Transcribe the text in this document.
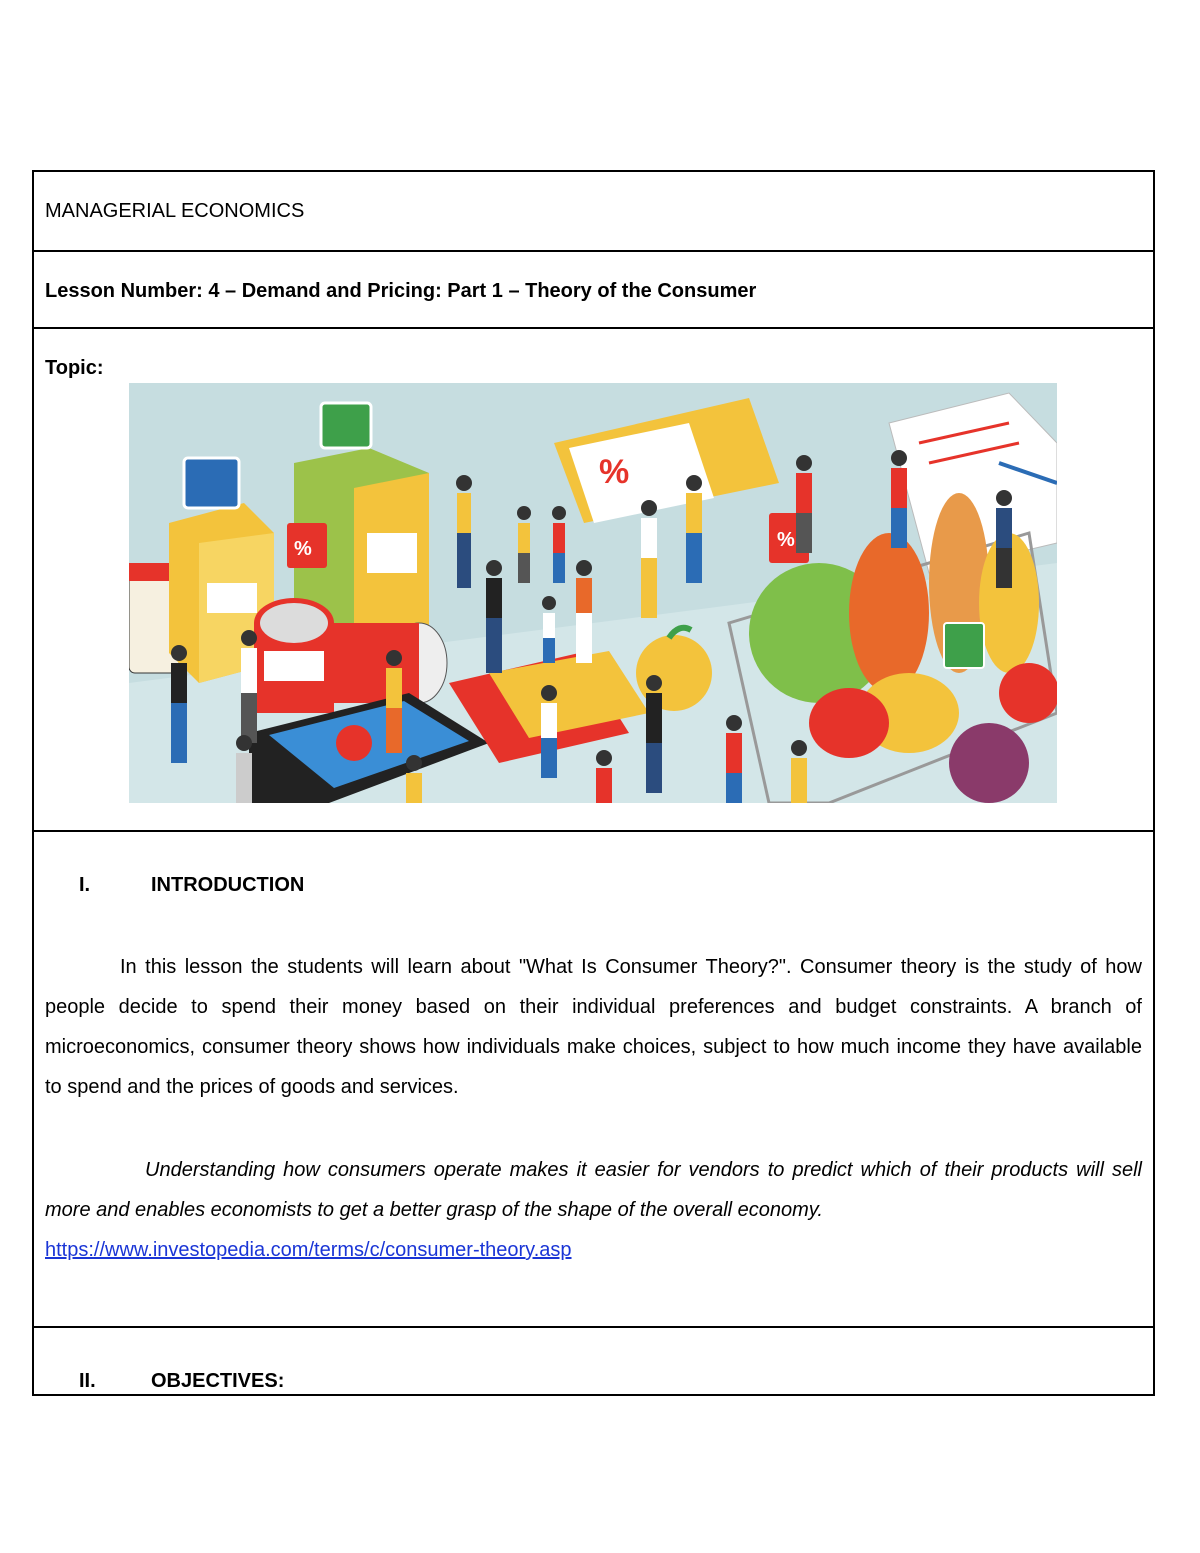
MANAGERIAL ECONOMICS
Lesson Number: 4 – Demand and Pricing: Part 1 – Theory of the Consumer
Topic:
%
%
%
I.	INTRODUCTION
In this lesson the students will learn about "What Is Consumer Theory?". Consumer theory is the study of how people decide to spend their money based on their individual preferences and budget constraints. A branch of microeconomics, consumer theory shows how individuals make choices, subject to how much income they have available to spend and the prices of goods and services.
Understanding how consumers operate makes it easier for vendors to predict which of their products will sell more and enables economists to get a better grasp of the shape of the overall economy.
https://www.investopedia.com/terms/c/consumer-theory.asp
II.	OBJECTIVES:
